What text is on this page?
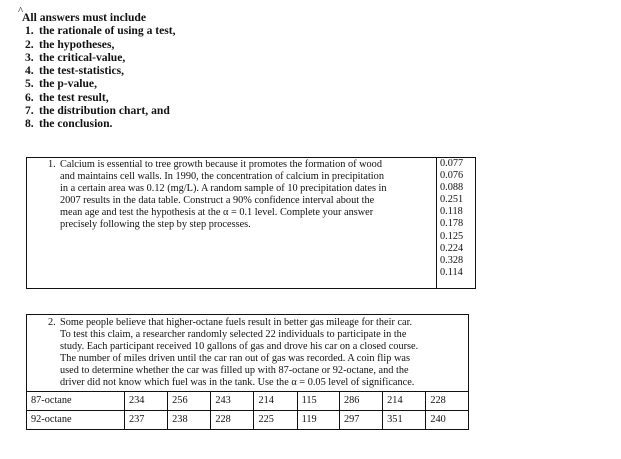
^
All answers must include
1. the rationale of using a test,
2. the hypotheses,
3. the critical-value,
4. the test-statistics,
5. the p-value,
6. the test result,
7. the distribution chart, and
8. the conclusion.
1. Calcium is essential to tree growth because it promotes the formation of wood
and maintains cell walls. In 1990, the concentration of calcium in precipitation
in a certain area was 0.12 (mg/L). A random sample of 10 precipitation dates in
2007 results in the data table. Construct a 90% confidence interval about the
mean age and test the hypothesis at the α = 0.1 level. Complete your answer
precisely following the step by step processes.
0.077
0.076
0.088
0.251
0.118
0.178
0.125
0.224
0.328
0.114
2. Some people believe that higher-octane fuels result in better gas mileage for their car.
To test this claim, a researcher randomly selected 22 individuals to participate in the
study. Each participant received 10 gallons of gas and drove his car on a closed course.
The number of miles driven until the car ran out of gas was recorded. A coin flip was
used to determine whether the car was filled up with 87-octane or 92-octane, and the
driver did not know which fuel was in the tank. Use the α = 0.05 level of significance.
87-octane	234	256	243	214	115	286	214	228
92-octane	237	238	228	225	119	297	351	240
